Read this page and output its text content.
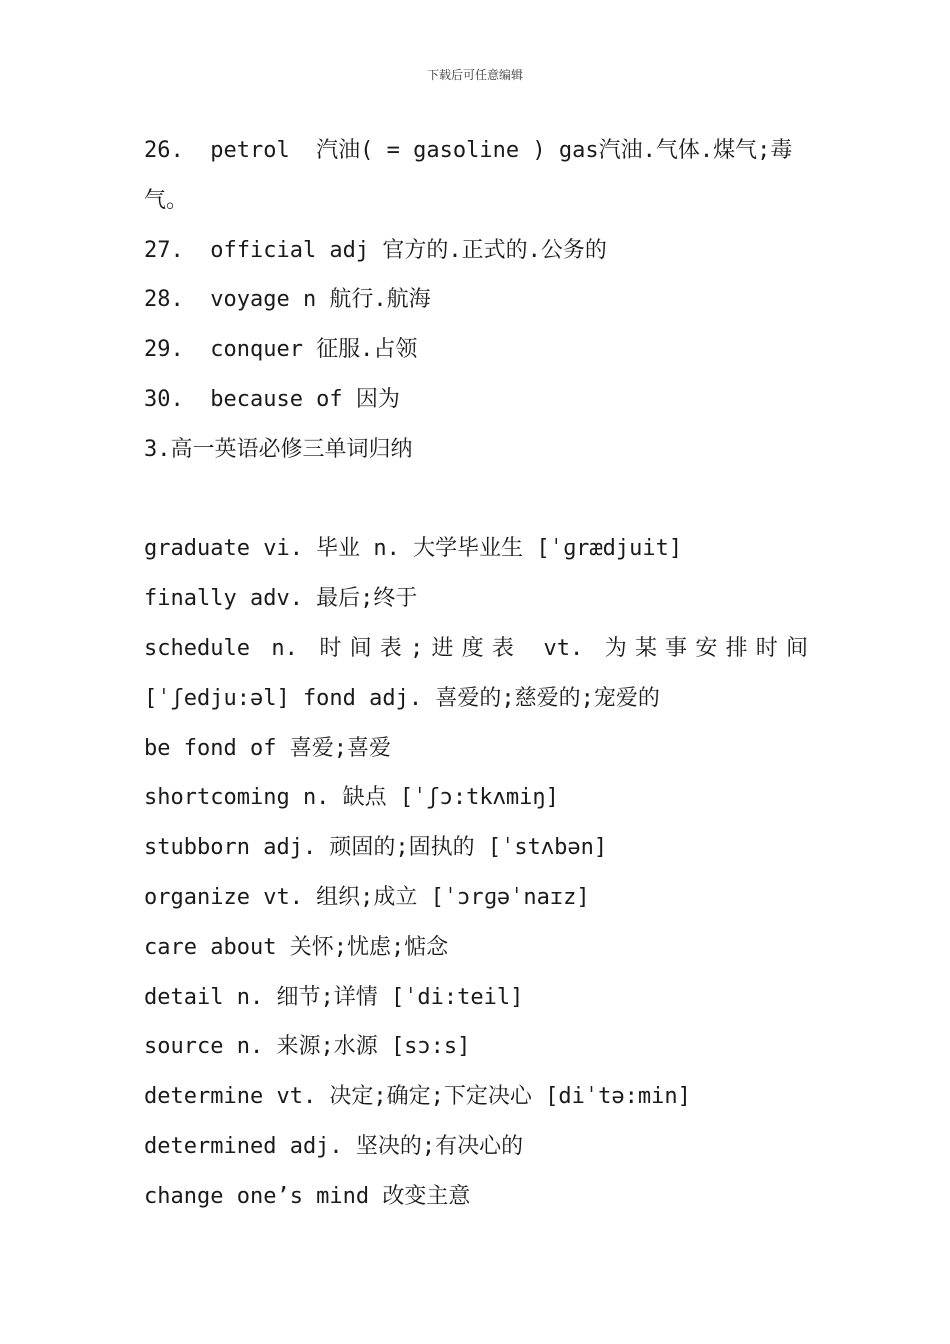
下载后可任意编辑
26.  petrol  汽油( = gasoline ) gas汽油.气体.煤气;毒
气。
27.  official adj 官方的.正式的.公务的
28.  voyage n 航行.航海
29.  conquer 征服.占领
30.  because of 因为
3.高一英语必修三单词归纳
graduate vi. 毕业 n. 大学毕业生 [ˈɡrædjuit]
finally adv. 最后;终于
schedule n. 时间表;进度表 vt. 为某事安排时间
[ˈʃedju:əl] fond adj. 喜爱的;慈爱的;宠爱的
be fond of 喜爱;喜爱
shortcoming n. 缺点 [ˈʃɔ:tkʌmiŋ]
stubborn adj. 顽固的;固执的 [ˈstʌbən]
organize vt. 组织;成立 [ˈɔrɡəˈnaɪz]
care about 关怀;忧虑;惦念
detail n. 细节;详情 [ˈdi:teil]
source n. 来源;水源 [sɔ:s]
determine vt. 决定;确定;下定决心 [diˈtə:min]
determined adj. 坚决的;有决心的
change one’s mind 改变主意
